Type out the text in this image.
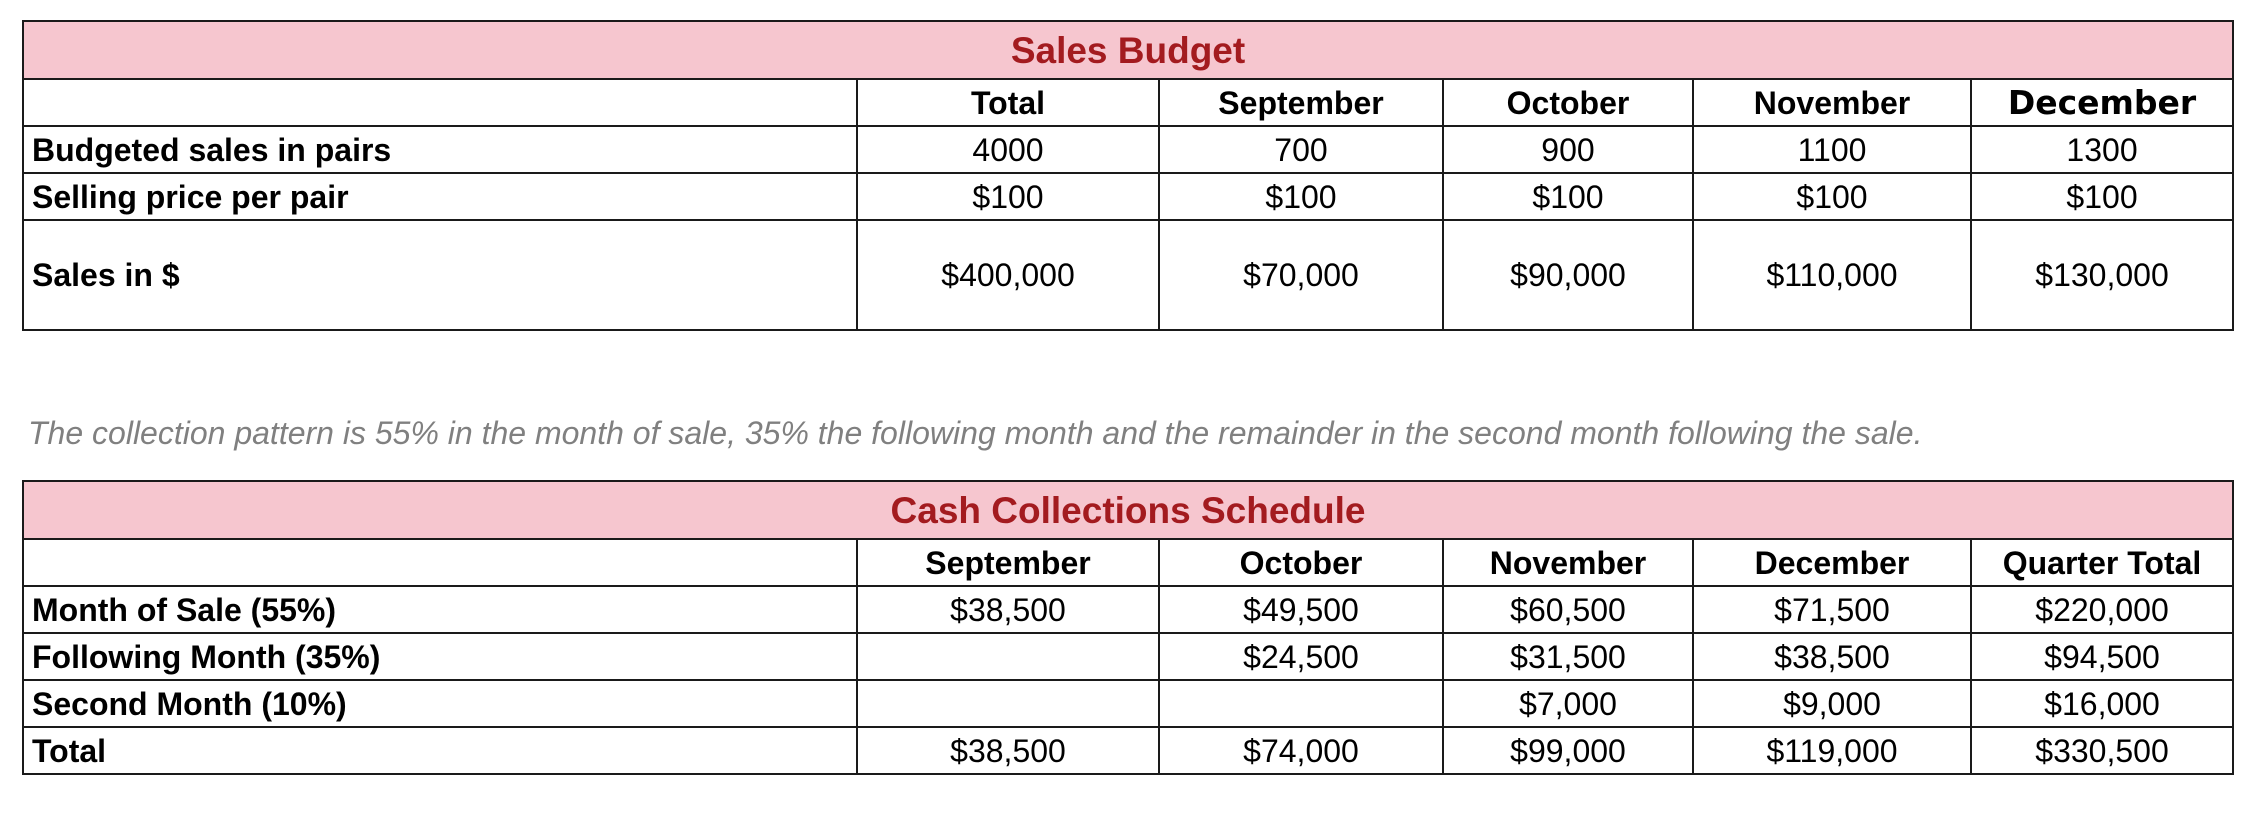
Sales Budget					
	Total	September	October	November	December
Budgeted sales in pairs	4000	700	900	1100	1300
Selling price per pair	$100	$100	$100	$100	$100
Sales in $	$400,000	$70,000	$90,000	$110,000	$130,000
The collection pattern is 55% in the month of sale, 35% the following month and the remainder in the second month following the sale.
Cash Collections Schedule					
	September	October	November	December	Quarter Total
Month of Sale (55%)	$38,500	$49,500	$60,500	$71,500	$220,000
Following Month (35%)		$24,500	$31,500	$38,500	$94,500
Second Month (10%)			$7,000	$9,000	$16,000
Total	$38,500	$74,000	$99,000	$119,000	$330,500
